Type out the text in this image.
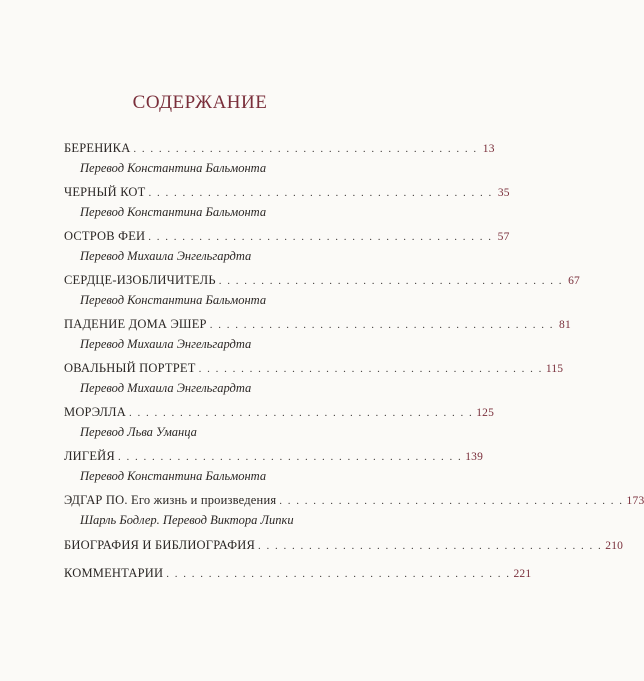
СОДЕРЖАНИЕ
БЕРЕНИКА . . . . . . . . . . . . . . . . . . . . . . . . . . . . . . . . . . . . . . . . . 13
Перевод Константина Бальмонта
ЧЕРНЫЙ КОТ . . . . . . . . . . . . . . . . . . . . . . . . . . . . . . . . . . . . . . . . . 35
Перевод Константина Бальмонта
ОСТРОВ ФЕИ . . . . . . . . . . . . . . . . . . . . . . . . . . . . . . . . . . . . . . . . . 57
Перевод Михаила Энгельгардта
СЕРДЦЕ-ИЗОБЛИЧИТЕЛЬ . . . . . . . . . . . . . . . . . . . . . . . . . . . . . . . . . . . . . . . . . 67
Перевод Константина Бальмонта
ПАДЕНИЕ ДОМА ЭШЕР . . . . . . . . . . . . . . . . . . . . . . . . . . . . . . . . . . . . . . . . . 81
Перевод Михаила Энгельгардта
ОВАЛЬНЫЙ ПОРТРЕТ . . . . . . . . . . . . . . . . . . . . . . . . . . . . . . . . . . . . . . . . . 115
Перевод Михаила Энгельгардта
МОРЭЛЛА . . . . . . . . . . . . . . . . . . . . . . . . . . . . . . . . . . . . . . . . . 125
Перевод Льва Уманца
ЛИГЕЙЯ . . . . . . . . . . . . . . . . . . . . . . . . . . . . . . . . . . . . . . . . . 139
Перевод Константина Бальмонта
ЭДГАР ПО. Его жизнь и произведения . . . . . . . . . . . . . . . . . . . . . . . . . . . . . . . . . . . . . . . . . 173
Шарль Бодлер. Перевод Виктора Липки
БИОГРАФИЯ И БИБЛИОГРАФИЯ . . . . . . . . . . . . . . . . . . . . . . . . . . . . . . . . . . . . . . . . . 210
КОММЕНТАРИИ . . . . . . . . . . . . . . . . . . . . . . . . . . . . . . . . . . . . . . . . . 221
